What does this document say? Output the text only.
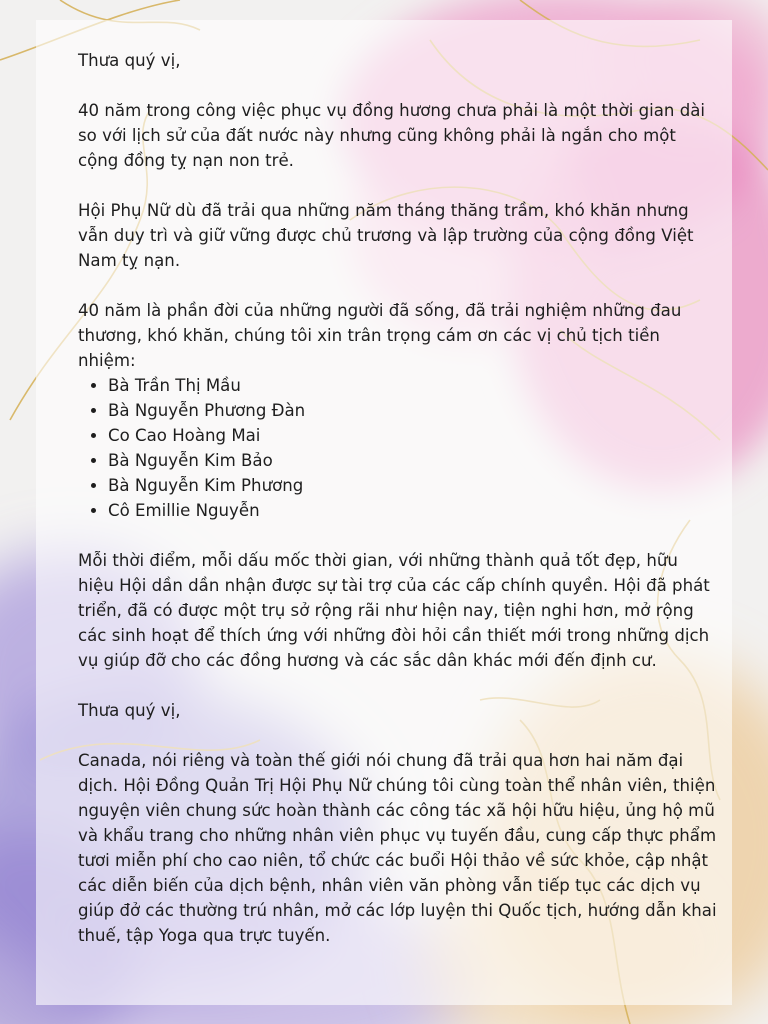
Thưa quý vị,

40 năm trong công việc phục vụ đồng hương chưa phải là một thời gian dài so với lịch sử của đất nước này nhưng cũng không phải là ngắn cho một cộng đồng tỵ nạn non trẻ.

Hội Phụ Nữ dù đã trải qua những năm tháng thăng trầm, khó khăn nhưng vẫn duy trì và giữ vững được chủ trương và lập trường của cộng đồng Việt Nam tỵ nạn.

40 năm là phần đời của những người đã sống, đã trải nghiệm những đau thương, khó khăn, chúng tôi xin trân trọng cám ơn các vị chủ tịch tiền nhiệm:

• Bà Trần Thị Mầu
• Bà Nguyễn Phương Đàn
• Co Cao Hoàng Mai
• Bà Nguyễn Kim Bảo
• Bà Nguyễn Kim Phương
• Cô Emillie Nguyễn

Mỗi thời điểm, mỗi dấu mốc thời gian, với những thành quả tốt đẹp, hữu hiệu Hội dần dần nhận được sự tài trợ của các cấp chính quyền. Hội đã phát triển, đã có được một trụ sở rộng rãi như hiện nay, tiện nghi hơn, mở rộng các sinh hoạt để thích ứng với những đòi hỏi cần thiết mới trong những dịch vụ giúp đỡ cho các đồng hương và các sắc dân khác mới đến định cư.

Thưa quý vị,

Canada, nói riêng và toàn thế giới nói chung đã trải qua hơn hai năm đại dịch. Hội Đồng Quản Trị Hội Phụ Nữ chúng tôi cùng toàn thể nhân viên, thiện nguyện viên chung sức hoàn thành các công tác xã hội hữu hiệu, ủng hộ mũ và khẩu trang cho những nhân viên phục vụ tuyến đầu, cung cấp thực phẩm tươi miễn phí cho cao niên, tổ chức các buổi Hội thảo về sức khỏe, cập nhật các diễn biến của dịch bệnh, nhân viên văn phòng vẫn tiếp tục các dịch vụ giúp đở các thường trú nhân, mở các lớp luyện thi Quốc tịch, hướng dẫn khai thuế, tập Yoga qua trực tuyến.
